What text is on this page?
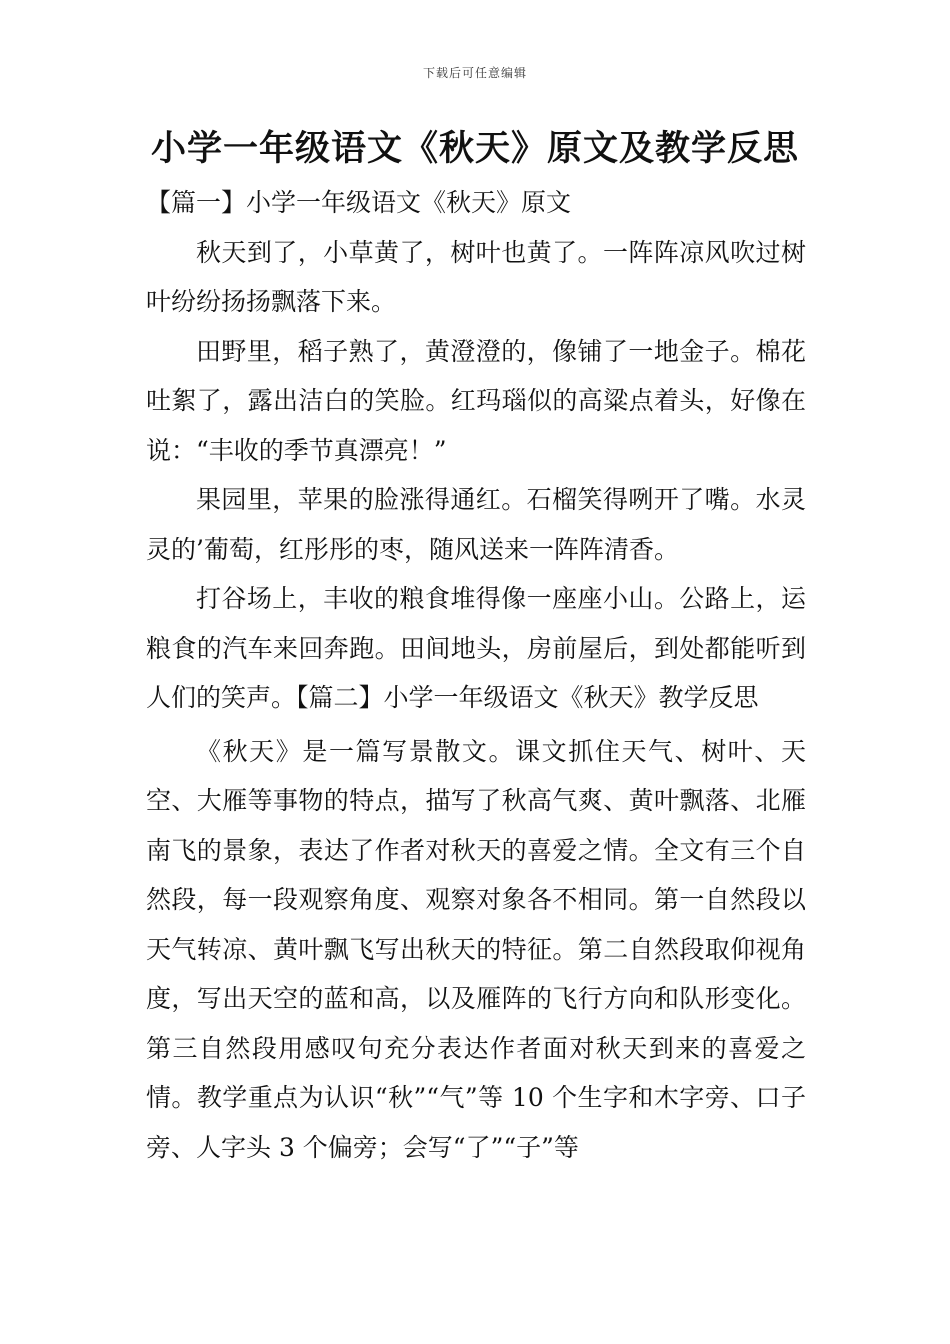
下载后可任意编辑
小学一年级语文《秋天》原文及教学反思
【篇一】小学一年级语文《秋天》原文

秋天到了，小草黄了，树叶也黄了。一阵阵凉风吹过树叶纷纷扬扬飘落下来。

田野里，稻子熟了，黄澄澄的，像铺了一地金子。棉花吐絮了，露出洁白的笑脸。红玛瑙似的高粱点着头，好像在说：“丰收的季节真漂亮！”

果园里，苹果的脸涨得通红。石榴笑得咧开了嘴。水灵灵的’葡萄，红彤彤的枣，随风送来一阵阵清香。

打谷场上，丰收的粮食堆得像一座座小山。公路上，运粮食的汽车来回奔跑。田间地头，房前屋后，到处都能听到人们的笑声。【篇二】小学一年级语文《秋天》教学反思

《秋天》是一篇写景散文。课文抓住天气、树叶、天空、大雁等事物的特点，描写了秋高气爽、黄叶飘落、北雁南飞的景象，表达了作者对秋天的喜爱之情。全文有三个自然段，每一段观察角度、观察对象各不相同。第一自然段以天气转凉、黄叶飘飞写出秋天的特征。第二自然段取仰视角度，写出天空的蓝和高，以及雁阵的飞行方向和队形变化。第三自然段用感叹句充分表达作者面对秋天到来的喜爱之情。教学重点为认识“秋”“气”等 10 个生字和木字旁、口子旁、人字头 3 个偏旁；会写“了”“子”等
